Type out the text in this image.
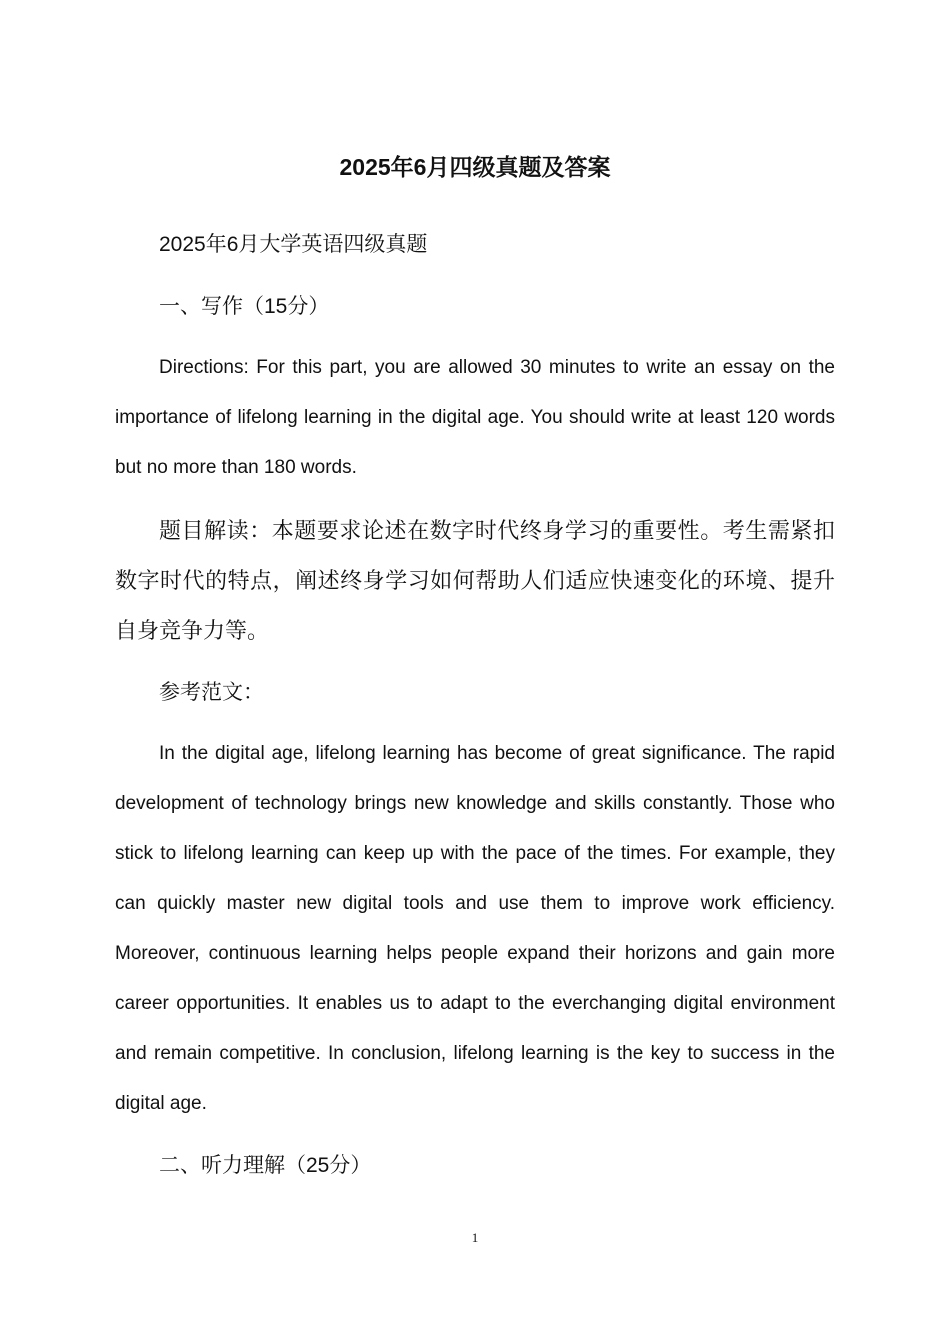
2025年6月四级真题及答案

2025年6月大学英语四级真题

一、写作（15分）

Directions: For this part, you are allowed 30 minutes to write an essay on the importance of lifelong learning in the digital age. You should write at least 120 words but no more than 180 words.

题目解读：本题要求论述在数字时代终身学习的重要性。考生需紧扣数字时代的特点，阐述终身学习如何帮助人们适应快速变化的环境、提升自身竞争力等。

参考范文：

In the digital age, lifelong learning has become of great significance. The rapid development of technology brings new knowledge and skills constantly. Those who stick to lifelong learning can keep up with the pace of the times. For example, they can quickly master new digital tools and use them to improve work efficiency. Moreover, continuous learning helps people expand their horizons and gain more career opportunities. It enables us to adapt to the everchanging digital environment and remain competitive. In conclusion, lifelong learning is the key to success in the digital age.

二、听力理解（25分）

1
